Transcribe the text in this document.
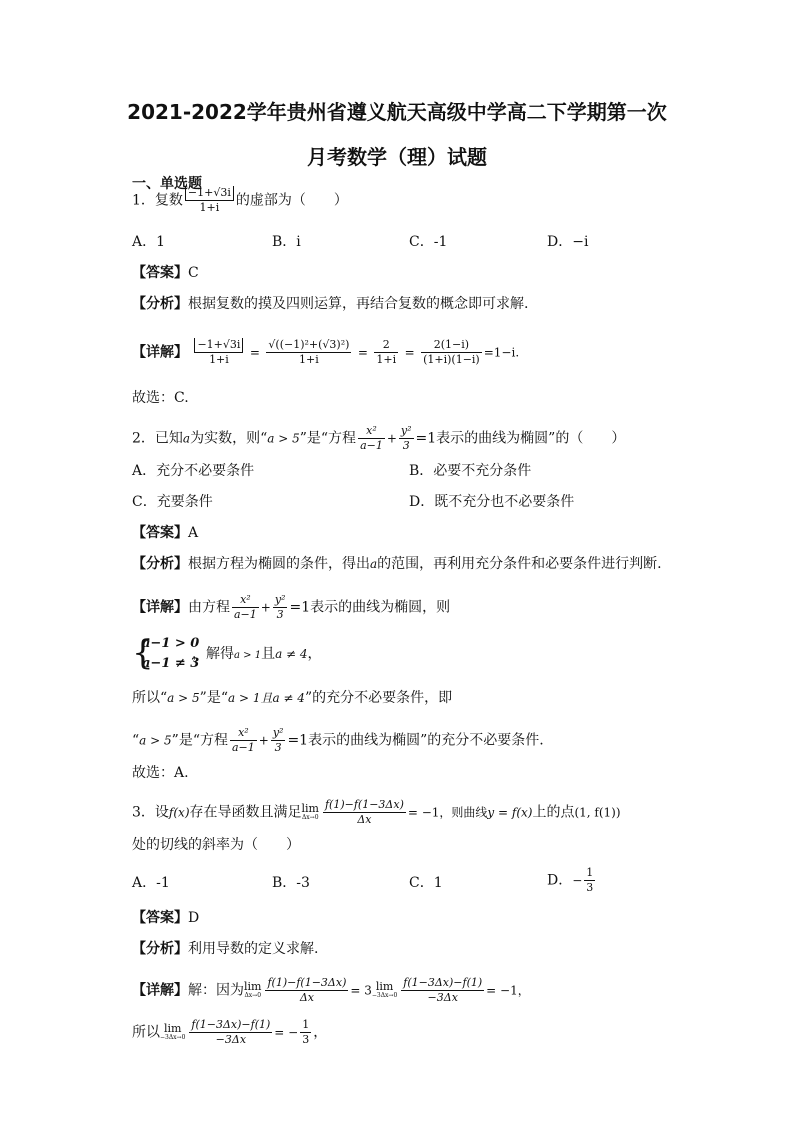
2021-2022学年贵州省遵义航天高级中学高二下学期第一次
月考数学（理）试题
一、单选题
1．复数 $\frac{-1+√3i}{1+i}$ 的虚部为（　　）
A．1	B．i	C．-1	D．−i
【答案】C
【分析】根据复数的摸及四则运算，再结合复数的概念即可求解.
【详解】 $\frac{-1+√3i}{1+i} = \frac{\text{√((−1)²+(√3)²)}}{1+i} = \frac{2}{1+i} = \frac{2(1-i)}{(1+i)(1-i)} =1-i$.
故选：C.
2．已知a为实数，则“a > 5”是“方程 $\frac{\text{x²}}{a-1} + \frac{\text{y²}}{3} =1$表示的曲线为椭圆”的（　　）
A．充分不必要条件	B．必要不充分条件
C．充要条件	D．既不充分也不必要条件
【答案】A
【分析】根据方程为椭圆的条件，得出a的范围，再利用充分条件和必要条件进行判断.
【详解】由方程 $\frac{\text{x²}}{a-1} + \frac{\text{y²}}{3} =1$表示的曲线为椭圆，则
{
a−1 > 0
a−1 ≠ 3
，解得a > 1且a ≠ 4，
所以“a > 5”是“a > 1且a ≠ 4”的充分不必要条件，即
“a > 5”是“方程 $\frac{\text{x²}}{a-1} + \frac{\text{y²}}{3} =1$表示的曲线为椭圆”的充分不必要条件.
故选：A.
3．设f(x)存在导函数且满足lim
$\Delta x\to 0 \frac{f(1)-f(1-3\Delta x)}{\Delta x} = -1$，则曲线y = f(x)上的点(1, f(1))
处的切线的斜率为（　　）
A．-1	B．-3	C．1	D．− $\frac{1}{3}$
【答案】D
【分析】利用导数的定义求解.
【详解】解：因为lim
$\Delta x\to 0 \frac{f(1)-f(1-3\Delta x)}{\Delta x} = 3$ lim
$-3\Delta x\to 0 \frac{f(1-3\Delta x)-f(1)}{-3\Delta x} = -1$，
所以 lim
$-3\Delta x\to 0 \frac{f(1-3\Delta x)-f(1)}{-3\Delta x}$ = − $\frac{1}{3}$ ，
